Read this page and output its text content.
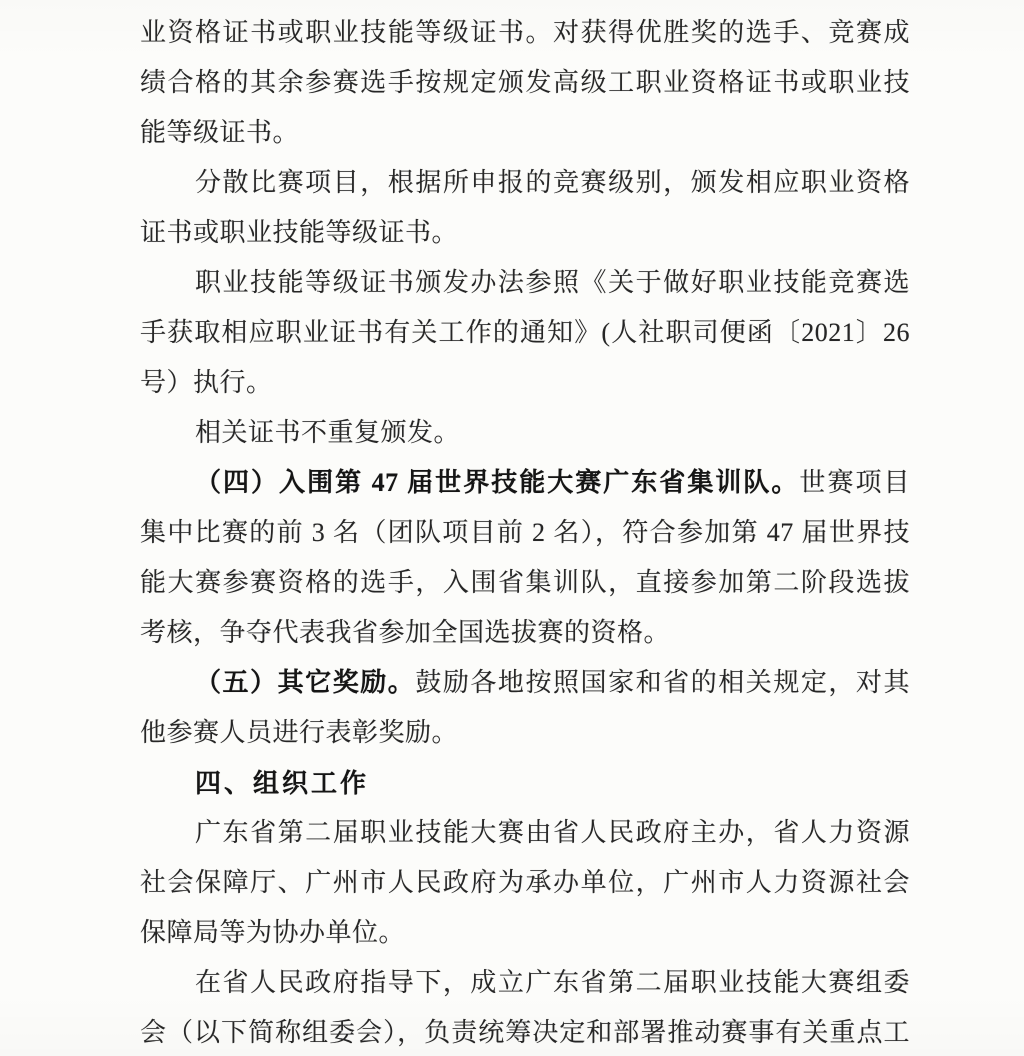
业资格证书或职业技能等级证书。对获得优胜奖的选手、竞赛成
绩合格的其余参赛选手按规定颁发高级工职业资格证书或职业技
能等级证书。
分散比赛项目，根据所申报的竞赛级别，颁发相应职业资格
证书或职业技能等级证书。
职业技能等级证书颁发办法参照《关于做好职业技能竞赛选
手获取相应职业证书有关工作的通知》(人社职司便函〔2021〕26
号）执行。
相关证书不重复颁发。
（四）入围第 47 届世界技能大赛广东省集训队。世赛项目
集中比赛的前 3 名（团队项目前 2 名），符合参加第 47 届世界技
能大赛参赛资格的选手，入围省集训队，直接参加第二阶段选拔
考核，争夺代表我省参加全国选拔赛的资格。
（五）其它奖励。鼓励各地按照国家和省的相关规定，对其
他参赛人员进行表彰奖励。
四、组织工作
广东省第二届职业技能大赛由省人民政府主办，省人力资源
社会保障厅、广州市人民政府为承办单位，广州市人力资源社会
保障局等为协办单位。
在省人民政府指导下，成立广东省第二届职业技能大赛组委
会（以下简称组委会），负责统筹决定和部署推动赛事有关重点工
